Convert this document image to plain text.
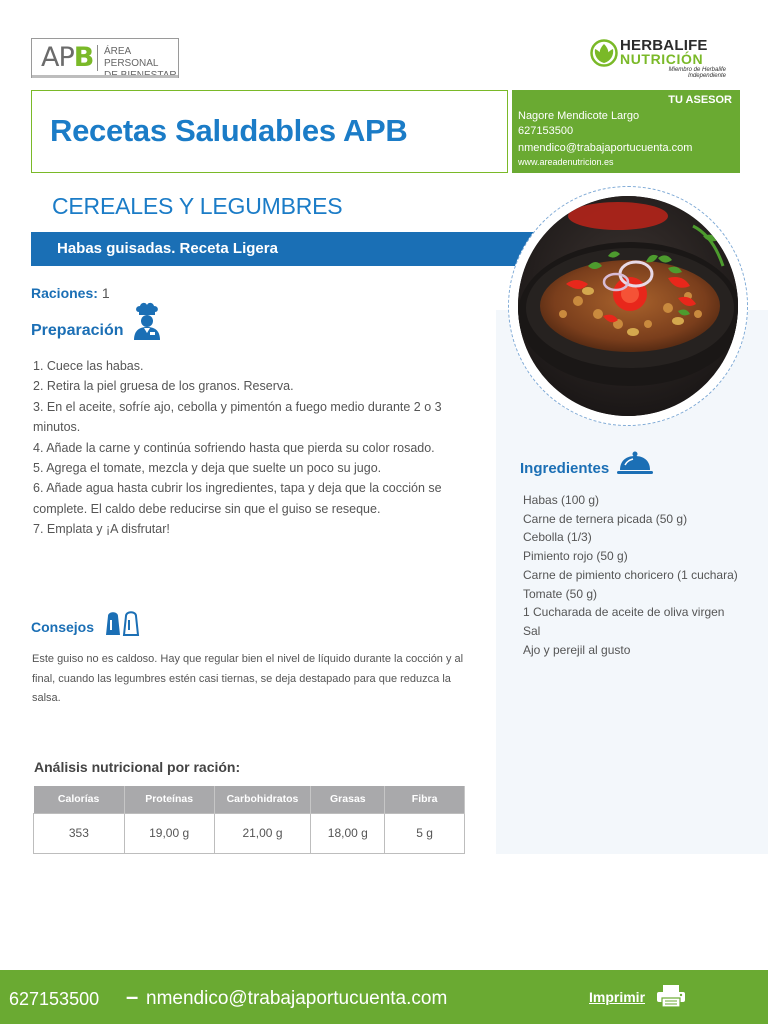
APB ÁREA PERSONAL
HERBALIFE
NUTRICIÓN
Miembro de Herbalife
Independiente
Recetas Saludables APB
TU ASESOR
Nagore Mendicote Largo
627153500
nmendico@trabajaportucuenta.com
www.areadenutricion.es
CEREALES Y LEGUMBRES
Habas guisadas. Receta Ligera
Raciones: 1
Preparación
1. Cuece las habas.
2. Retira la piel gruesa de los granos. Reserva.
3. En el aceite, sofríe ajo, cebolla y pimentón a fuego medio durante 2 o 3 minutos.
4. Añade la carne y continúa sofriendo hasta que pierda su color rosado.
5. Agrega el tomate, mezcla y deja que suelte un poco su jugo.
6. Añade agua hasta cubrir los ingredientes, tapa y deja que la cocción se complete. El caldo debe reducirse sin que el guiso se reseque.
7. Emplata y ¡A disfrutar!
Consejos
Este guiso no es caldoso. Hay que regular bien el nivel de líquido durante la cocción y al final, cuando las legumbres estén casi tiernas, se deja destapado para que reduzca la salsa.
Ingredientes
Habas (100 g)
Carne de ternera picada (50 g)
Cebolla (1/3)
Pimiento rojo (50 g)
Carne de pimiento choricero (1 cuchara)
Tomate (50 g)
1 Cucharada de aceite de oliva virgen
Sal
Ajo y perejil al gusto
Análisis nutricional por ración:
Calorías	Proteínas	Carbohidratos	Grasas	Fibra
353	19,00 g	21,00 g	18,00 g	5 g
627153500 – nmendico@trabajaportucuenta.com	Imprimir
